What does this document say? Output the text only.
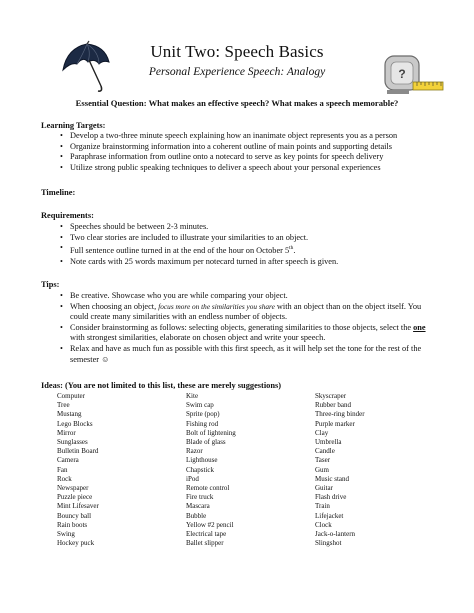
?
Unit Two: Speech Basics
Personal Experience Speech: Analogy
Essential Question: What makes an effective speech? What makes a speech memorable?
Learning Targets:
• Develop a two-three minute speech explaining how an inanimate object represents you as a person
• Organize brainstorming information into a coherent outline of main points and supporting details
• Paraphrase information from outline onto a notecard to serve as key points for speech delivery
• Utilize strong public speaking techniques to deliver a speech about your personal experiences
Timeline:
Requirements:
• Speeches should be between 2-3 minutes.
• Two clear stories are included to illustrate your similarities to an object.
• Full sentence outline turned in at the end of the hour on October 5th.
• Note cards with 25 words maximum per notecard turned in after speech is given.
Tips:
• Be creative. Showcase who you are while comparing your object.
• When choosing an object, focus more on the similarities you share with an object than on the object itself. You could create many similarities with an endless number of objects.
• Consider brainstorming as follows: selecting objects, generating similarities to those objects, select the one with strongest similarities, elaborate on chosen object and write your speech.
• Relax and have as much fun as possible with this first speech, as it will help set the tone for the rest of the semester ☺
Ideas: (You are not limited to this list, these are merely suggestions)
Computer
Tree
Mustang
Lego Blocks
Mirror
Sunglasses
Bulletin Board
Camera
Fan
Rock
Newspaper
Puzzle piece
Mint Lifesaver
Bouncy ball
Rain boots
Swing
Hockey puck
Kite
Swim cap
Sprite (pop)
Fishing rod
Bolt of lightening
Blade of glass
Razor
Lighthouse
Chapstick
iPod
Remote control
Fire truck
Mascara
Bubble
Yellow #2 pencil
Electrical tape
Ballet slipper
Skyscraper
Rubber band
Three-ring binder
Purple marker
Clay
Umbrella
Candle
Taser
Gum
Music stand
Guitar
Flash drive
Train
Lifejacket
Clock
Jack-o-lantern
Slingshot
